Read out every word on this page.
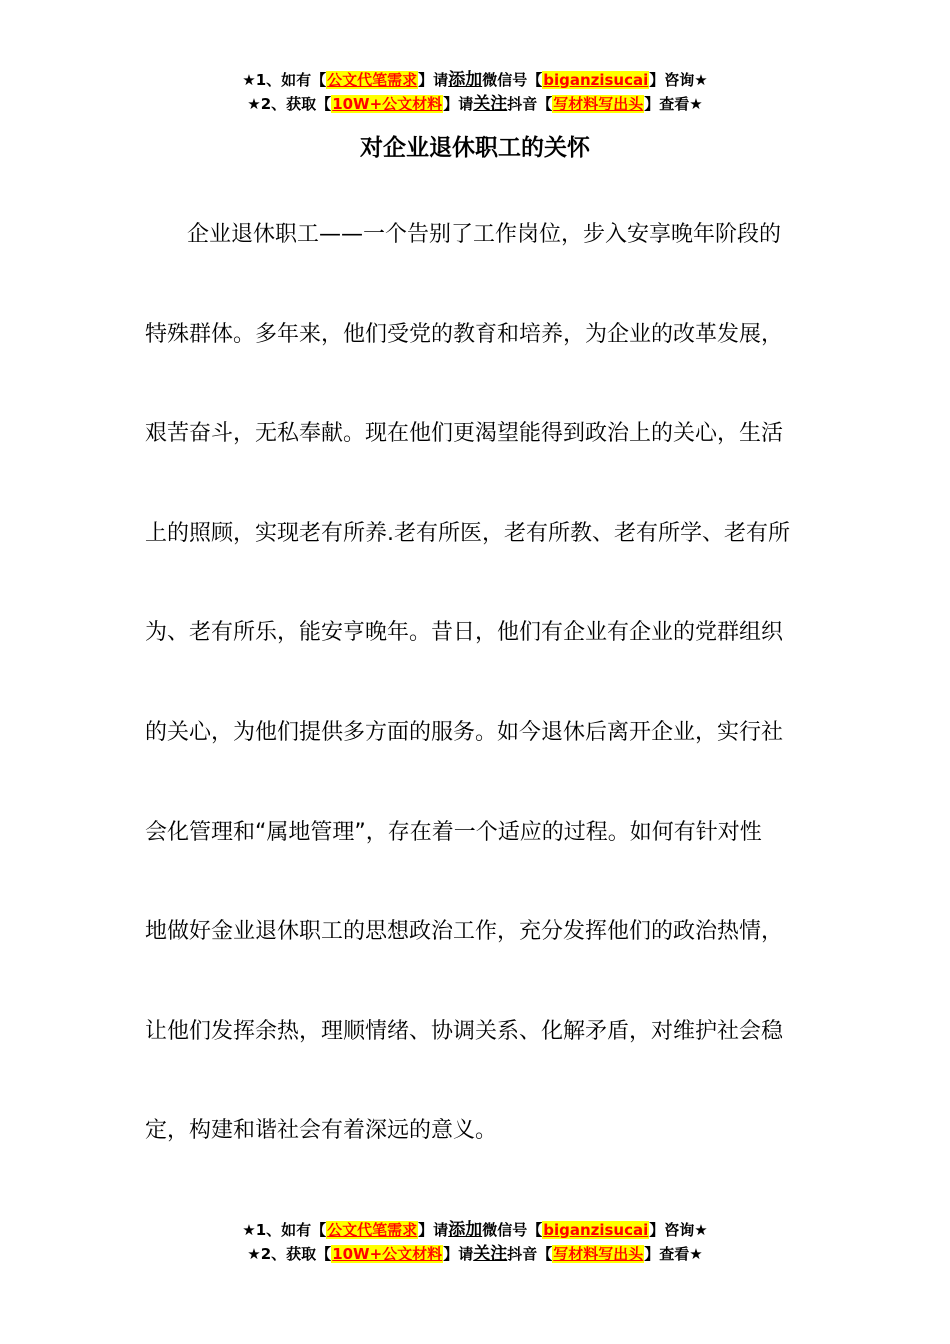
★1、如有【公文代笔需求】请添加微信号【biganzisucai】咨询★
★2、获取【10W+公文材料】请关注抖音【写材料写出头】查看★
对企业退休职工的关怀
企业退休职工——一个告别了工作岗位，步入安享晚年阶段的
特殊群体。多年来，他们受党的教育和培养，为企业的改革发展，
艰苦奋斗，无私奉献。现在他们更渴望能得到政治上的关心，生活
上的照顾，实现老有所养.老有所医，老有所教、老有所学、老有所
为、老有所乐，能安亨晚年。昔日，他们有企业有企业的党群组织
的关心，为他们提供多方面的服务。如今退休后离开企业，实行社
会化管理和“属地管理”，存在着一个适应的过程。如何有针对性
地做好金业退休职工的思想政治工作，充分发挥他们的政治热情，
让他们发挥余热，理顺情绪、协调关系、化解矛盾，对维护社会稳
定，构建和谐社会有着深远的意义。
★1、如有【公文代笔需求】请添加微信号【biganzisucai】咨询★
★2、获取【10W+公文材料】请关注抖音【写材料写出头】查看★
